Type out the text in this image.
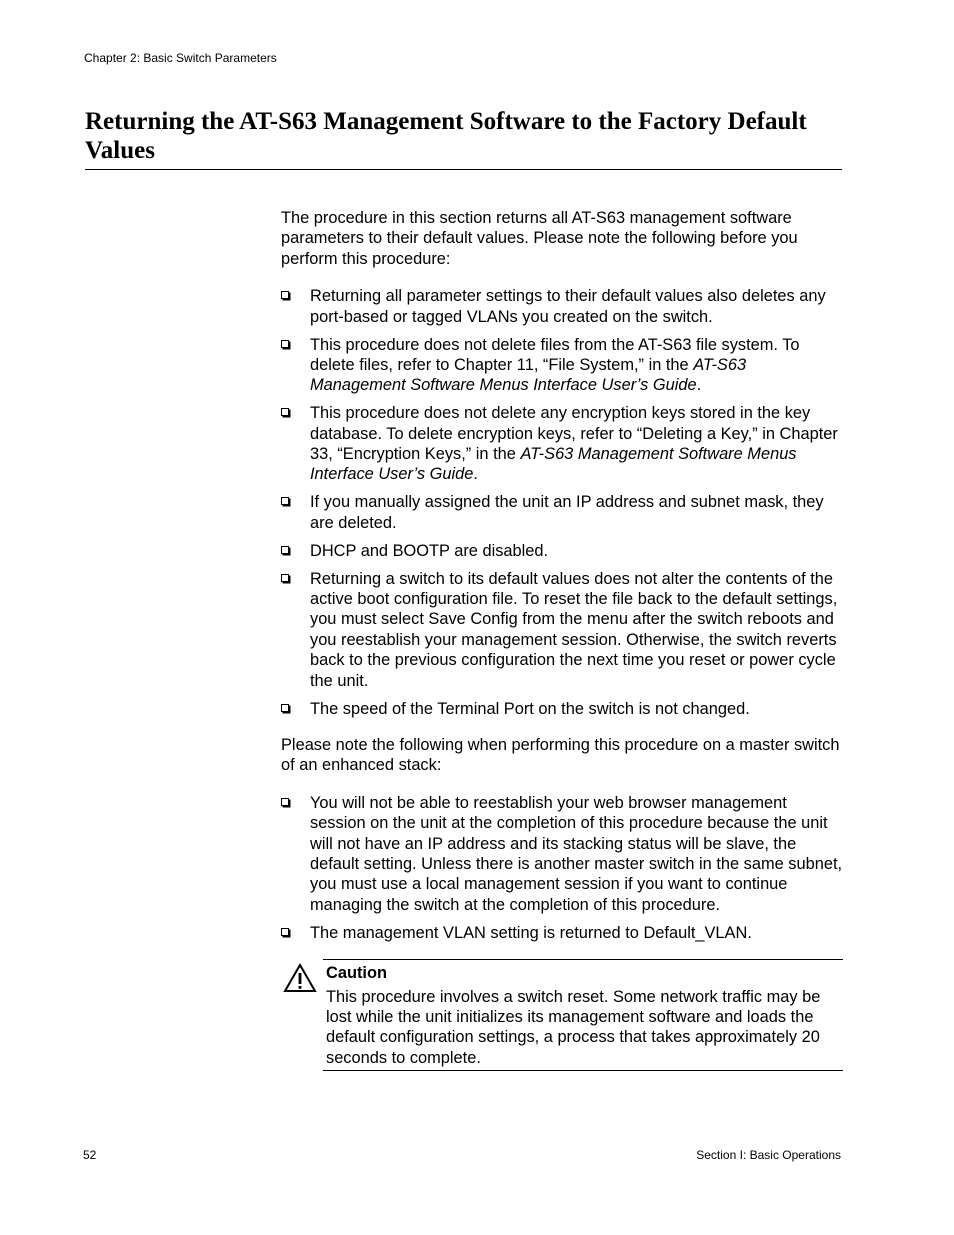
Chapter 2: Basic Switch Parameters
Returning the AT-S63 Management Software to the Factory Default Values

The procedure in this section returns all AT-S63 management software parameters to their default values. Please note the following before you perform this procedure:

Returning all parameter settings to their default values also deletes any port-based or tagged VLANs you created on the switch.
This procedure does not delete files from the AT-S63 file system. To delete files, refer to Chapter 11, “File System,” in the AT-S63 Management Software Menus Interface User’s Guide.
This procedure does not delete any encryption keys stored in the key database. To delete encryption keys, refer to “Deleting a Key,” in Chapter 33, “Encryption Keys,” in the AT-S63 Management Software Menus Interface User’s Guide.
If you manually assigned the unit an IP address and subnet mask, they are deleted.
DHCP and BOOTP are disabled.
Returning a switch to its default values does not alter the contents of the active boot configuration file. To reset the file back to the default settings, you must select Save Config from the menu after the switch reboots and you reestablish your management session. Otherwise, the switch reverts back to the previous configuration the next time you reset or power cycle the unit.
The speed of the Terminal Port on the switch is not changed.

Please note the following when performing this procedure on a master switch of an enhanced stack:

You will not be able to reestablish your web browser management session on the unit at the completion of this procedure because the unit will not have an IP address and its stacking status will be slave, the default setting. Unless there is another master switch in the same subnet, you must use a local management session if you want to continue managing the switch at the completion of this procedure.
The management VLAN setting is returned to Default_VLAN.

Caution

This procedure involves a switch reset. Some network traffic may be lost while the unit initializes its management software and loads the default configuration settings, a process that takes approximately 20 seconds to complete.

52	Section I: Basic Operations
